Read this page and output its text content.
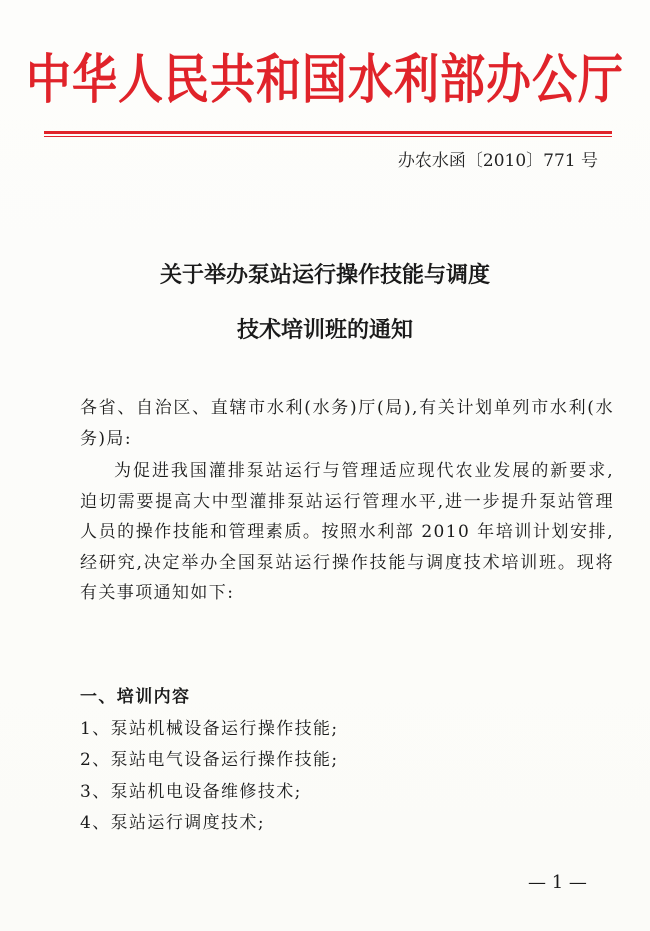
中华人民共和国水利部办公厅
办农水函〔2010〕771 号
关于举办泵站运行操作技能与调度
技术培训班的通知

各省、自治区、直辖市水利(水务)厅(局),有关计划单列市水利(水务)局:

为促进我国灌排泵站运行与管理适应现代农业发展的新要求,迫切需要提高大中型灌排泵站运行管理水平,进一步提升泵站管理人员的操作技能和管理素质。按照水利部 2010 年培训计划安排,经研究,决定举办全国泵站运行操作技能与调度技术培训班。现将有关事项通知如下:

一、培训内容
1、泵站机械设备运行操作技能;
2、泵站电气设备运行操作技能;
3、泵站机电设备维修技术;
4、泵站运行调度技术;
— 1 —
